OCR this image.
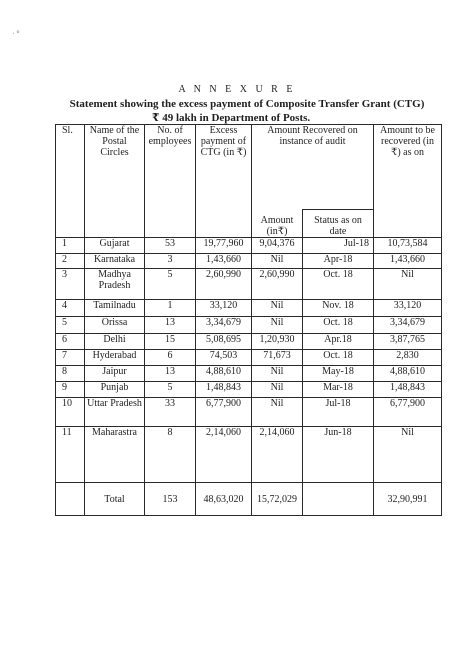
·∘
A N N E X U R E
Statement showing the excess payment of Composite Transfer Grant (CTG)
₹ 49 lakh in Department of Posts.
Sl.	Name of the Postal Circles	No. of employees	Excess payment of CTG (in ₹)	Amount Recovered on instance of audit		Amount to be recovered (in ₹) as on
				Amount (in₹)	Status as on date	
1	Gujarat	53	19,77,960	9,04,376	Jul-18	10,73,584
2	Karnataka	3	1,43,660	Nil	Apr-18	1,43,660
3	Madhya Pradesh	5	2,60,990	2,60,990	Oct. 18	Nil
4	Tamilnadu	1	33,120	Nil	Nov. 18	33,120
5	Orissa	13	3,34,679	Nil	Oct. 18	3,34,679
6	Delhi	15	5,08,695	1,20,930	Apr.18	3,87,765
7	Hyderabad	6	74,503	71,673	Oct. 18	2,830
8	Jaipur	13	4,88,610	Nil	May-18	4,88,610
9	Punjab	5	1,48,843	Nil	Mar-18	1,48,843
10	Uttar Pradesh	33	6,77,900	Nil	Jul-18	6,77,900
11	Maharastra	8	2,14,060	2,14,060	Jun-18	Nil
	Total	153	48,63,020	15,72,029		32,90,991
